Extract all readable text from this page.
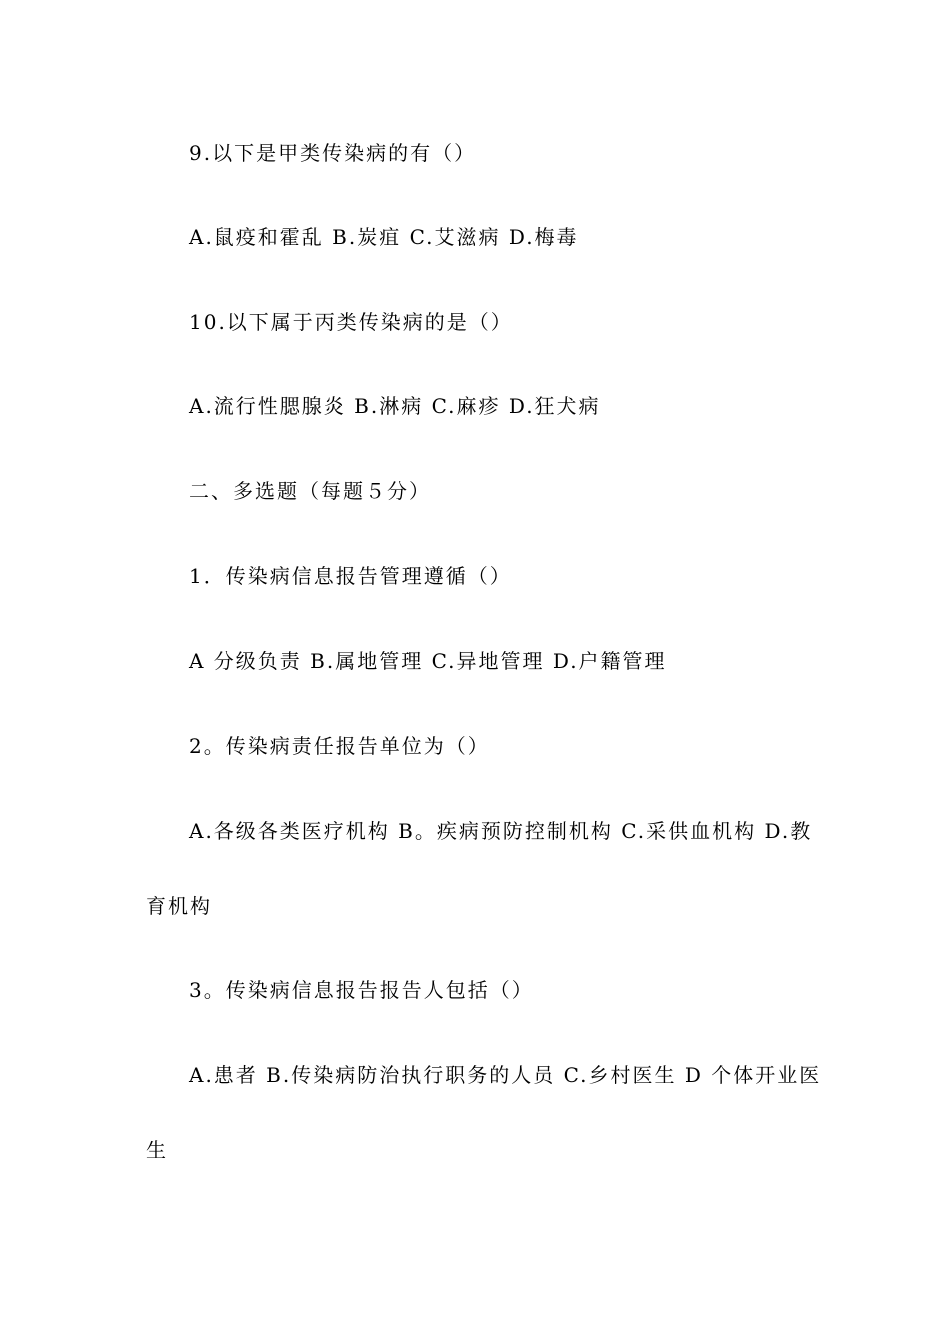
9.以下是甲类传染病的有（）
A.鼠疫和霍乱 B.炭疽 C.艾滋病 D.梅毒
10.以下属于丙类传染病的是（）
A.流行性腮腺炎 B.淋病 C.麻疹 D.狂犬病
二、多选题（每题５分）
1．传染病信息报告管理遵循（）
A 分级负责 B.属地管理 C.异地管理 D.户籍管理
2。传染病责任报告单位为（）
A.各级各类医疗机构 B。疾病预防控制机构 C.采供血机构 D.教
育机构
3。传染病信息报告报告人包括（）
A.患者 B.传染病防治执行职务的人员 C.乡村医生 D 个体开业医
生
